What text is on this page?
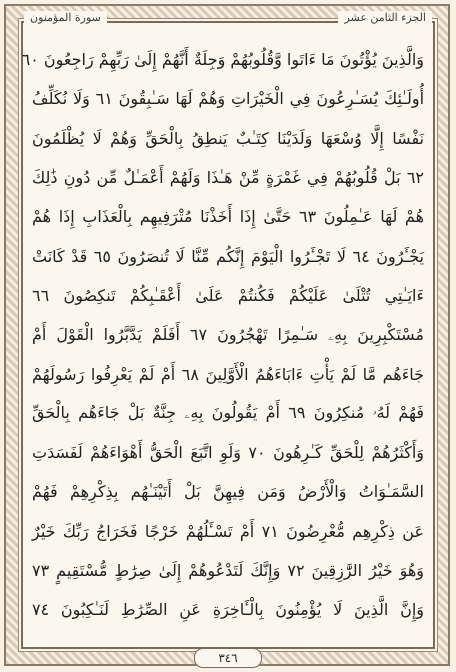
الجزء الثامن عشر
سورة المؤمنون
وَالَّذِينَ يُؤْتُونَ مَا ءَاتَوا وَّقُلُوبُهُمْ وَجِلَةٌ أَنَّهُمْ إِلَىٰ رَبِّهِمْ رَاجِعُونَ ٦٠
أُولَـٰئِكَ يُسَـٰرِعُونَ فِي الْخَيْرَاتِ وَهُمْ لَهَا سَـٰبِقُونَ ٦١ وَلَا نُكَلِّفُ
نَفْسًا إِلَّا وُسْعَهَا وَلَدَيْنَا كِتَـٰبٌ يَنطِقُ بِالْحَقِّ وَهُمْ لَا يُظْلَمُونَ
٦٢ بَلْ قُلُوبُهُمْ فِي غَمْرَةٍ مِّنْ هَـٰذَا وَلَهُمْ أَعْمَـٰلٌ مِّن دُونِ ذَٰلِكَ
هُمْ لَهَا عَـٰمِلُونَ ٦٣ حَتَّىٰ إِذَا أَخَذْنَا مُتْرَفِيهِم بِالْعَذَابِ إِذَا هُمْ
يَجْـَٔرُونَ ٦٤ لَا تَجْـَٔرُوا الْيَوْمَ إِنَّكُم مِّنَّا لَا تُنصَرُونَ ٦٥ قَدْ كَانَتْ
ءَايَـٰتِي تُتْلَىٰ عَلَيْكُمْ فَكُنتُمْ عَلَىٰ أَعْقَـٰبِكُمْ تَنكِصُونَ ٦٦
مُسْتَكْبِرِينَ بِهِۦ سَـٰمِرًا تَهْجُرُونَ ٦٧ أَفَلَمْ يَدَّبَّرُوا الْقَوْلَ أَمْ
جَاءَهُم مَّا لَمْ يَأْتِ ءَابَاءَهُمُ الْأَوَّلِينَ ٦٨ أَمْ لَمْ يَعْرِفُوا رَسُولَهُمْ
فَهُمْ لَهُۥ مُنكِرُونَ ٦٩ أَمْ يَقُولُونَ بِهِۦ جِنَّةٌ بَلْ جَاءَهُم بِالْحَقِّ
وَأَكْثَرُهُمْ لِلْحَقِّ كَـٰرِهُونَ ٧٠ وَلَوِ اتَّبَعَ الْحَقُّ أَهْوَاءَهُمْ لَفَسَدَتِ
السَّمَـٰوَاتُ وَالْأَرْضُ وَمَن فِيهِنَّ بَلْ أَتَيْنَـٰهُم بِذِكْرِهِمْ فَهُمْ
عَن ذِكْرِهِم مُّعْرِضُونَ ٧١ أَمْ تَسْـَٔلُهُمْ خَرْجًا فَخَرَاجُ رَبِّكَ خَيْرٌ
وَهُوَ خَيْرُ الرَّٰزِقِينَ ٧٢ وَإِنَّكَ لَتَدْعُوهُمْ إِلَىٰ صِرَٰطٍ مُّسْتَقِيمٍ ٧٣
وَإِنَّ الَّذِينَ لَا يُؤْمِنُونَ بِالْـَٔاخِرَةِ عَنِ الصِّرَٰطِ لَنَـٰكِبُونَ ٧٤
٣٤٦
